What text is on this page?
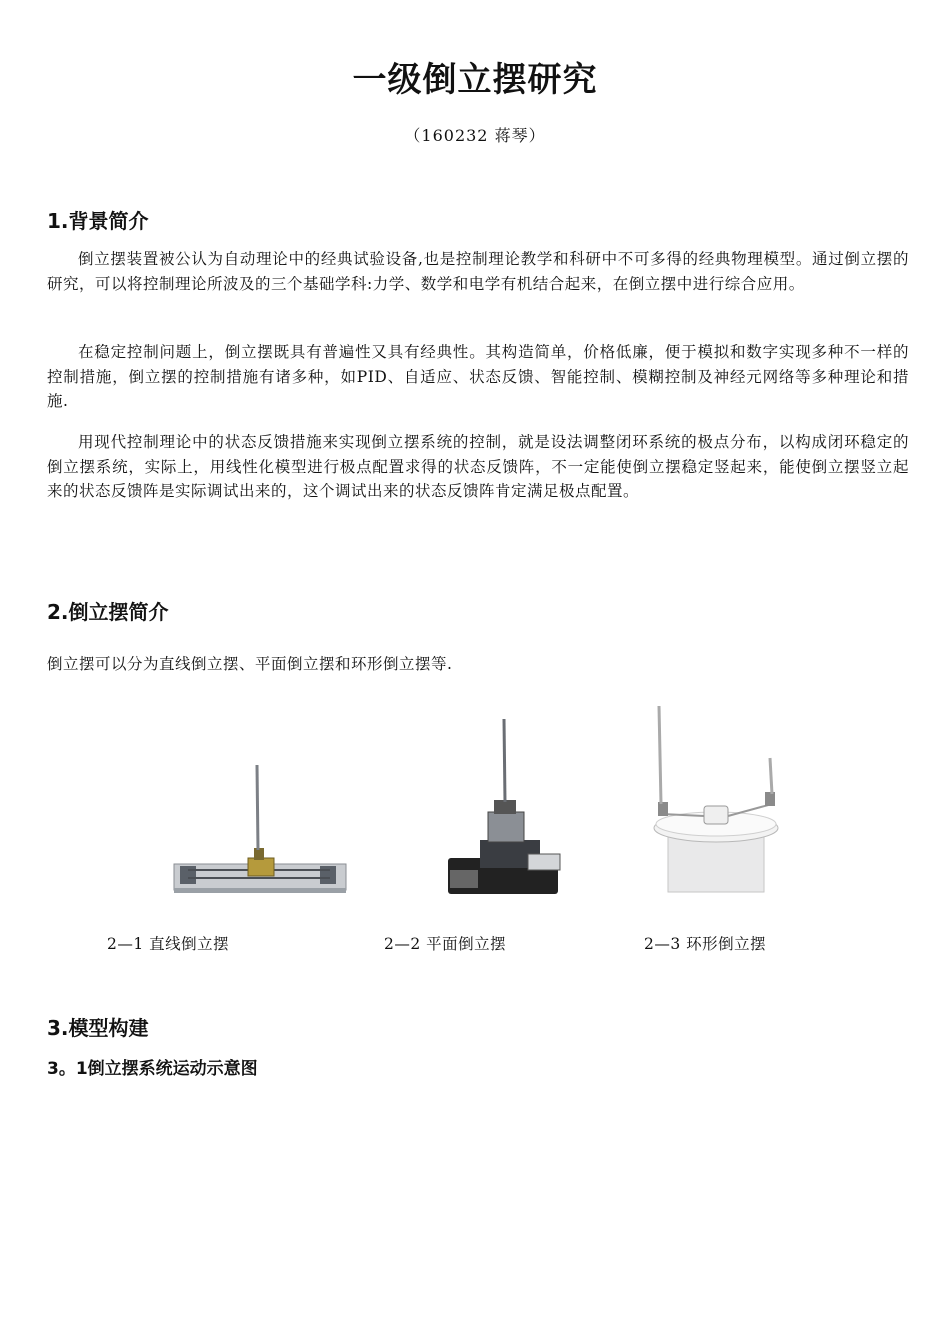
一级倒立摆研究
（160232 蒋琴）
1.背景简介
倒立摆装置被公认为自动理论中的经典试验设备,也是控制理论教学和科研中不可多得的经典物理模型。通过倒立摆的研究，可以将控制理论所波及的三个基础学科:力学、数学和电学有机结合起来，在倒立摆中进行综合应用。
在稳定控制问题上，倒立摆既具有普遍性又具有经典性。其构造简单，价格低廉，便于模拟和数字实现多种不一样的控制措施，倒立摆的控制措施有诸多种，如PID、自适应、状态反馈、智能控制、模糊控制及神经元网络等多种理论和措施.
用现代控制理论中的状态反馈措施来实现倒立摆系统的控制，就是设法调整闭环系统的极点分布，以构成闭环稳定的倒立摆系统，实际上，用线性化模型进行极点配置求得的状态反馈阵，不一定能使倒立摆稳定竖起来，能使倒立摆竖立起来的状态反馈阵是实际调试出来的，这个调试出来的状态反馈阵肯定满足极点配置。
2.倒立摆简介
倒立摆可以分为直线倒立摆、平面倒立摆和环形倒立摆等.
2—1 直线倒立摆	2—2 平面倒立摆	2—3 环形倒立摆
3.模型构建
3。1倒立摆系统运动示意图
